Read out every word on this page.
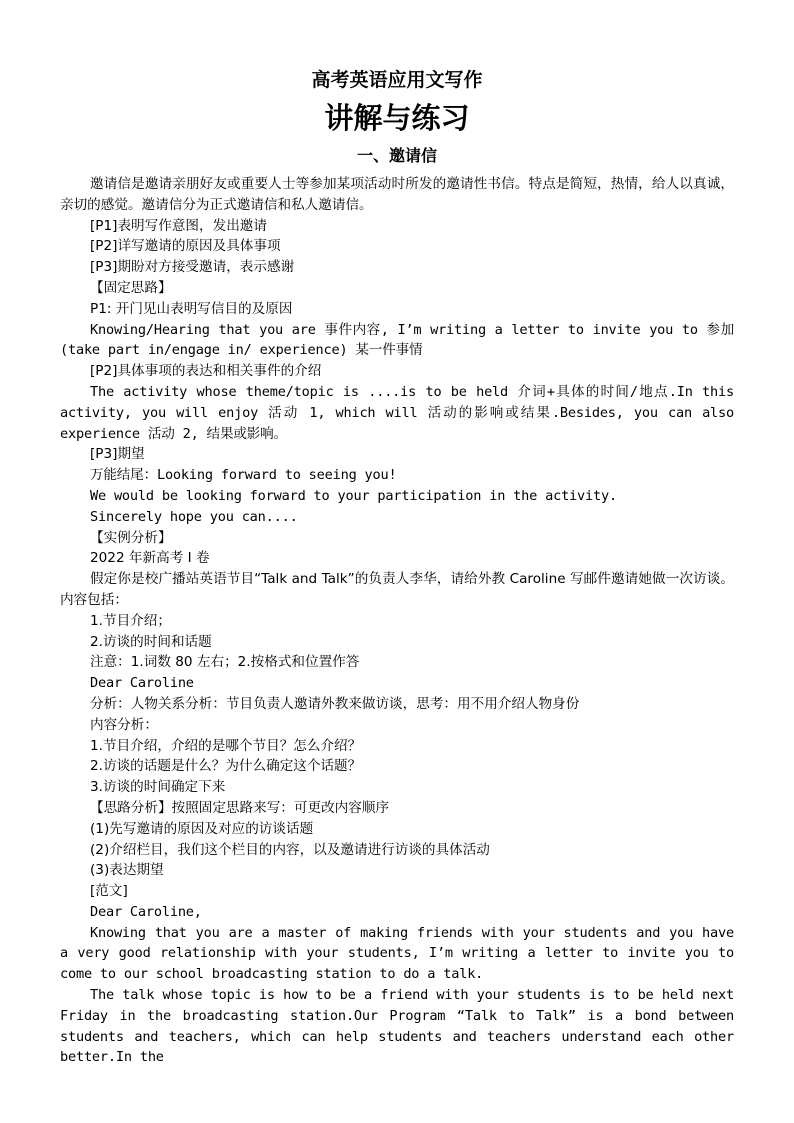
高考英语应用文写作
讲解与练习
一、邀请信

邀请信是邀请亲朋好友或重要人士等参加某项活动时所发的邀请性书信。特点是简短，热情，给人以真诚，亲切的感觉。邀请信分为正式邀请信和私人邀请信。

[P1]表明写作意图，发出邀请

[P2]详写邀请的原因及具体事项

[P3]期盼对方接受邀请，表示感谢

【固定思路】

P1: 开门见山表明写信目的及原因

Knowing/Hearing that you are 事件内容, I’m writing a letter to invite you to 参加(take part in/engage in/ experience) 某一件事情

[P2]具体事项的表达和相关事件的介绍

The activity whose theme/topic is ....is to be held 介词+具体的时间/地点.In this activity, you will enjoy 活动 1, which will 活动的影响或结果.Besides, you can also experience 活动 2, 结果或影响。

[P3]期望

万能结尾：Looking forward to seeing you!

We would be looking forward to your participation in the activity.

Sincerely hope you can....

【实例分析】

2022 年新高考 I 卷

假定你是校广播站英语节目“Talk and Talk”的负责人李华，请给外教 Caroline 写邮件邀请她做一次访谈。内容包括：

1.节目介绍；

2.访谈的时间和话题

注意：1.词数 80 左右；2.按格式和位置作答

Dear Caroline

分析：人物关系分析：节目负责人邀请外教来做访谈，思考：用不用介绍人物身份

内容分析：

1.节目介绍，介绍的是哪个节目？怎么介绍？

2.访谈的话题是什么？为什么确定这个话题？

3.访谈的时间确定下来

【思路分析】按照固定思路来写：可更改内容顺序

(1)先写邀请的原因及对应的访谈话题

(2)介绍栏目，我们这个栏目的内容，以及邀请进行访谈的具体活动

(3)表达期望

[范文]

Dear Caroline,

Knowing that you are a master of making friends with your students and you have a very good relationship with your students, I’m writing a letter to invite you to come to our school broadcasting station to do a talk.

The talk whose topic is how to be a friend with your students is to be held next Friday in the broadcasting station.Our Program “Talk to Talk” is a bond between students and teachers, which can help students and teachers understand each other better.In the
